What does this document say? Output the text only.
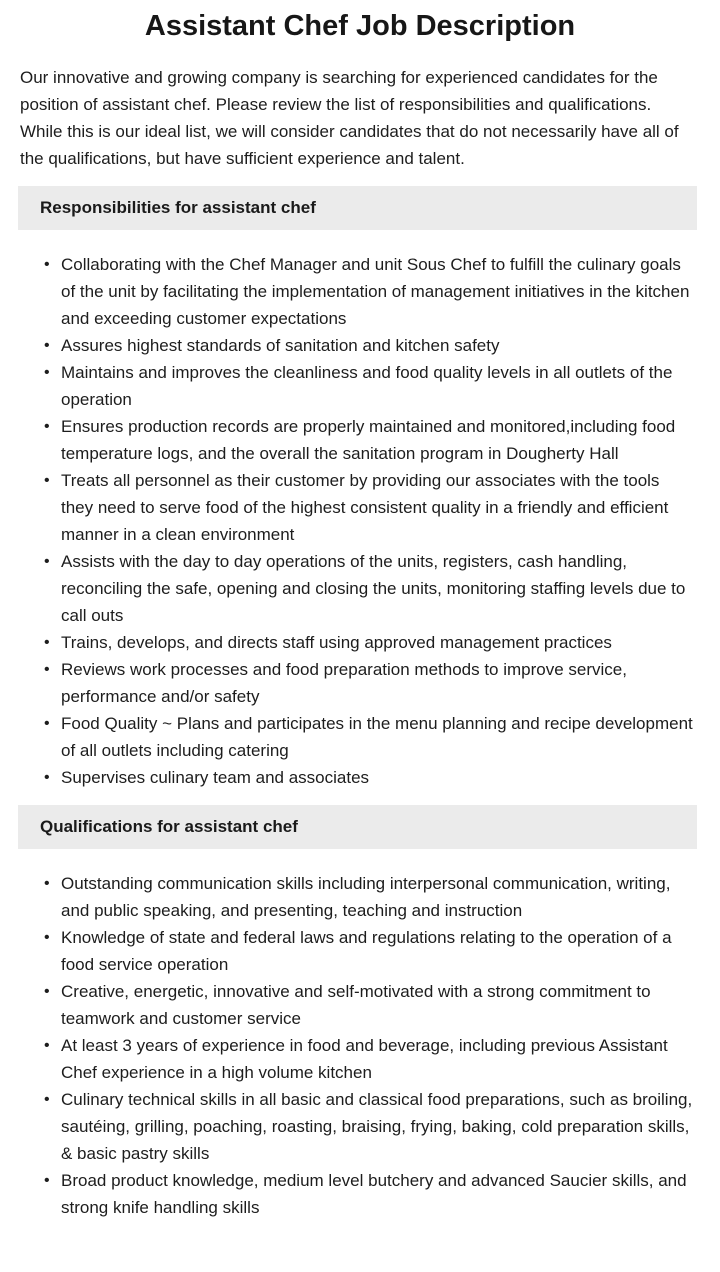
Assistant Chef Job Description

Our innovative and growing company is searching for experienced candidates for the position of assistant chef. Please review the list of responsibilities and qualifications. While this is our ideal list, we will consider candidates that do not necessarily have all of the qualifications, but have sufficient experience and talent.

Responsibilities for assistant chef
• Collaborating with the Chef Manager and unit Sous Chef to fulfill the culinary goals of the unit by facilitating the implementation of management initiatives in the kitchen and exceeding customer expectations
• Assures highest standards of sanitation and kitchen safety
• Maintains and improves the cleanliness and food quality levels in all outlets of the operation
• Ensures production records are properly maintained and monitored,including food temperature logs, and the overall the sanitation program in Dougherty Hall
• Treats all personnel as their customer by providing our associates with the tools they need to serve food of the highest consistent quality in a friendly and efficient manner in a clean environment
• Assists with the day to day operations of the units, registers, cash handling, reconciling the safe, opening and closing the units, monitoring staffing levels due to call outs
• Trains, develops, and directs staff using approved management practices
• Reviews work processes and food preparation methods to improve service, performance and/or safety
• Food Quality ~ Plans and participates in the menu planning and recipe development of all outlets including catering
• Supervises culinary team and associates
Qualifications for assistant chef
• Outstanding communication skills including interpersonal communication, writing, and public speaking, and presenting, teaching and instruction
• Knowledge of state and federal laws and regulations relating to the operation of a food service operation
• Creative, energetic, innovative and self-motivated with a strong commitment to teamwork and customer service
• At least 3 years of experience in food and beverage, including previous Assistant Chef experience in a high volume kitchen
• Culinary technical skills in all basic and classical food preparations, such as broiling, sautéing, grilling, poaching, roasting, braising, frying, baking, cold preparation skills, & basic pastry skills
• Broad product knowledge, medium level butchery and advanced Saucier skills, and strong knife handling skills
